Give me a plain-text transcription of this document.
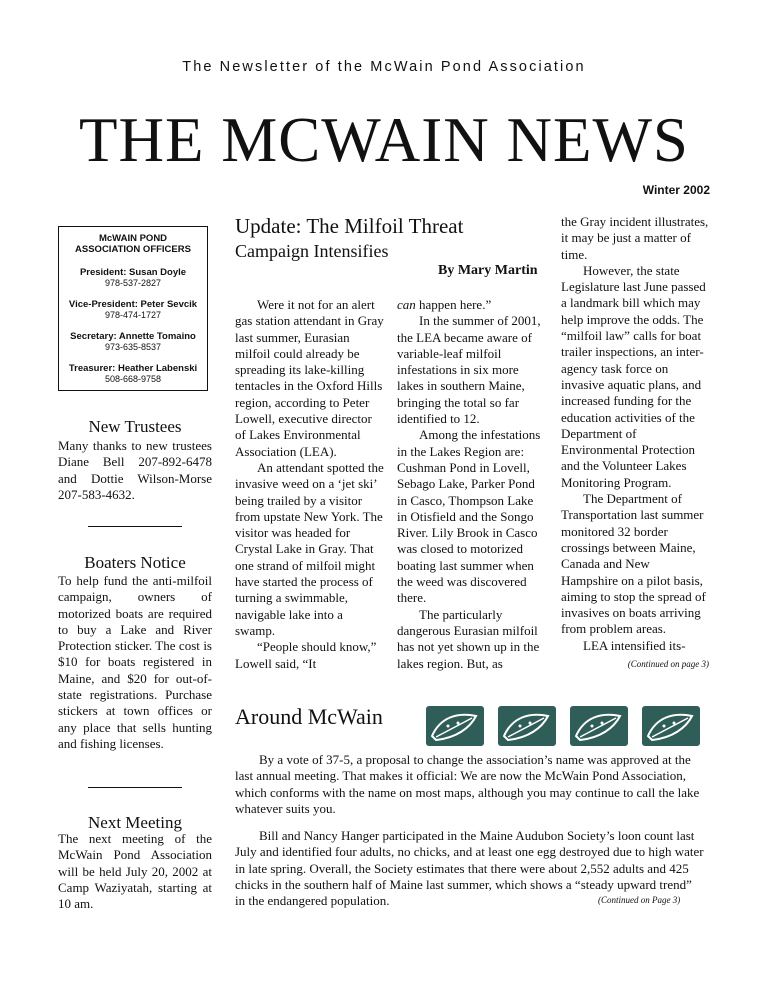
The Newsletter of the McWain Pond Association
THE MCWAIN NEWS
Winter 2002
McWAIN POND
ASSOCIATION OFFICERS
President: Susan Doyle
978-537-2827
Vice-President: Peter Sevcik
978-474-1727
Secretary: Annette Tomaino
973-635-8537
Treasurer: Heather Labenski
508-668-9758
New Trustees
Many thanks to new trustees Diane Bell 207-892-6478 and Dottie Wilson-Morse 207-583-4632.
Boaters Notice
To help fund the anti-milfoil campaign, owners of motorized boats are required to buy a Lake and River Protection sticker. The cost is $10 for boats registered in Maine, and $20 for out-of-state registrations. Purchase stickers at town offices or any place that sells hunting and fishing licenses.
Next Meeting
The next meeting of the McWain Pond Association will be held July 20, 2002 at Camp Waziyatah, starting at 10 am.
Update: The Milfoil Threat
Campaign Intensifies
By Mary Martin

Were it not for an alert gas station attendant in Gray last summer, Eurasian milfoil could already be spreading its lake-killing tentacles in the Oxford Hills region, according to Peter Lowell, executive director of Lakes Environmental Association (LEA).

An attendant spotted the invasive weed on a ‘jet ski’ being trailed by a visitor from upstate New York. The visitor was headed for Crystal Lake in Gray. That one strand of milfoil might have started the process of turning a swimmable, navigable lake into a swamp.

“People should know,” Lowell said, “It

can happen here.”

In the summer of 2001, the LEA became aware of variable-leaf milfoil infestations in six more lakes in southern Maine, bringing the total so far identified to 12.

Among the infestations in the Lakes Region are: Cushman Pond in Lovell, Sebago Lake, Parker Pond in Casco, Thompson Lake in Otisfield and the Songo River. Lily Brook in Casco was closed to motorized boating last summer when the weed was discovered there.

The particularly dangerous Eurasian milfoil has not yet shown up in the lakes region. But, as

the Gray incident illustrates, it may be just a matter of time.

However, the state Legislature last June passed a landmark bill which may help improve the odds. The “milfoil law” calls for boat trailer inspections, an inter-agency task force on invasive aquatic plans, and increased funding for the education activities of the Department of Environmental Protection and the Volunteer Lakes Monitoring Program.

The Department of Transportation last summer monitored 32 border crossings between Maine, Canada and New Hampshire on a pilot basis, aiming to stop the spread of invasives on boats arriving from problem areas.

LEA intensified its-

(Continued on page 3)
Around McWain

By a vote of 37-5, a proposal to change the association’s name was approved at the last annual meeting. That makes it official: We are now the McWain Pond Association, which conforms with the name on most maps, although you may continue to call the lake whatever suits you.

Bill and Nancy Hanger participated in the Maine Audubon Society’s loon count last July and identified four adults, no chicks, and at least one egg destroyed due to high water in late spring. Overall, the Society estimates that there were about 2,552 adults and 425 chicks in the southern half of Maine last summer, which shows a “steady upward trend” in the endangered population.	(Continued on Page 3)
